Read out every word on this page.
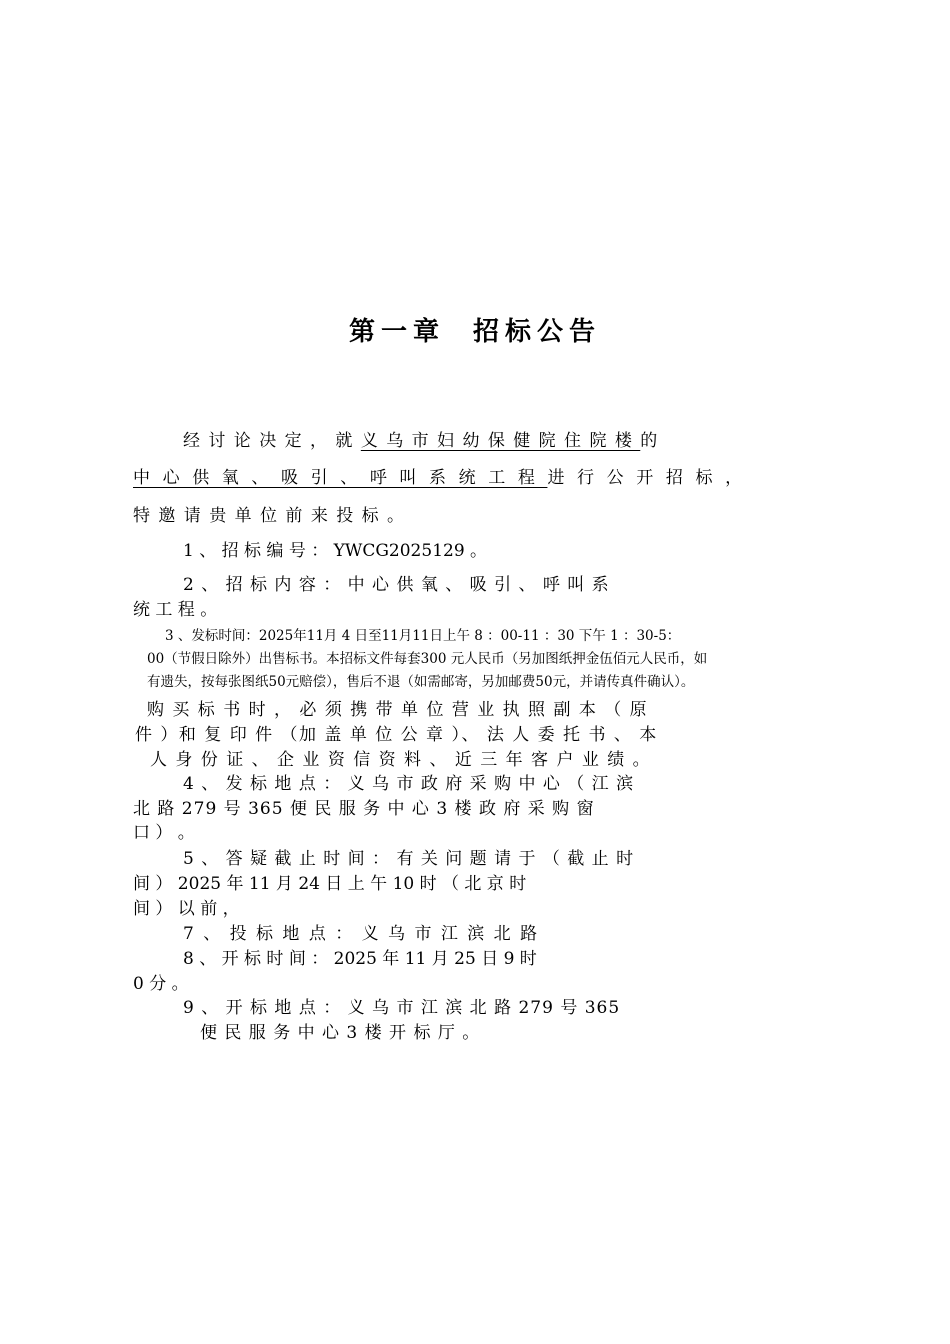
第一章 招标公告
经 讨 论 决 定 ， 就 义 乌 市 妇 幼 保 健 院 住 院 楼 的
中 心 供 氧 、 吸 引 、 呼 叫 系 统 工 程 进 行 公 开 招 标 ，
特 邀 请 贵 单 位 前 来 投 标 。
1 、 招 标 编 号 ： YWCG2025129 。
2 、 招 标 内 容 ： 中 心 供 氧 、 吸 引 、 呼 叫 系
统 工 程 。
3 、发标时间：2025年11月 4 日至11月11日上午 8 ：00-11 ：30 下午 1 ：30-5：
00（节假日除外）出售标书。本招标文件每套300 元人民币（另加图纸押金伍佰元人民币，如
有遗失，按每张图纸50元赔偿），售后不退（如需邮寄，另加邮费50元，并请传真件确认）。
购 买 标 书 时 ， 必 须 携 带 单 位 营 业 执 照 副 本 （ 原
件 ）和 复 印 件 （加 盖 单 位 公 章 ）、 法 人 委 托 书 、 本
人 身 份 证 、 企 业 资 信 资 料 、 近 三 年 客 户 业 绩 。
4 、 发 标 地 点 ： 义 乌 市 政 府 采 购 中 心 （ 江 滨
北 路 279 号 365 便 民 服 务 中 心 3 楼 政 府 采 购 窗
口 ） 。
5 、 答 疑 截 止 时 间 ： 有 关 问 题 请 于 （ 截 止 时
间 ） 2025 年 11 月 24 日 上 午 10 时 （ 北 京 时
间 ） 以 前 ，
7 、 投 标 地 点 ： 义 乌 市 江 滨 北 路
8 、 开 标 时 间 ： 2025 年 11 月 25 日 9 时
0 分 。
9 、 开 标 地 点 ： 义 乌 市 江 滨 北 路 279 号 365
便 民 服 务 中 心 3 楼 开 标 厅 。
